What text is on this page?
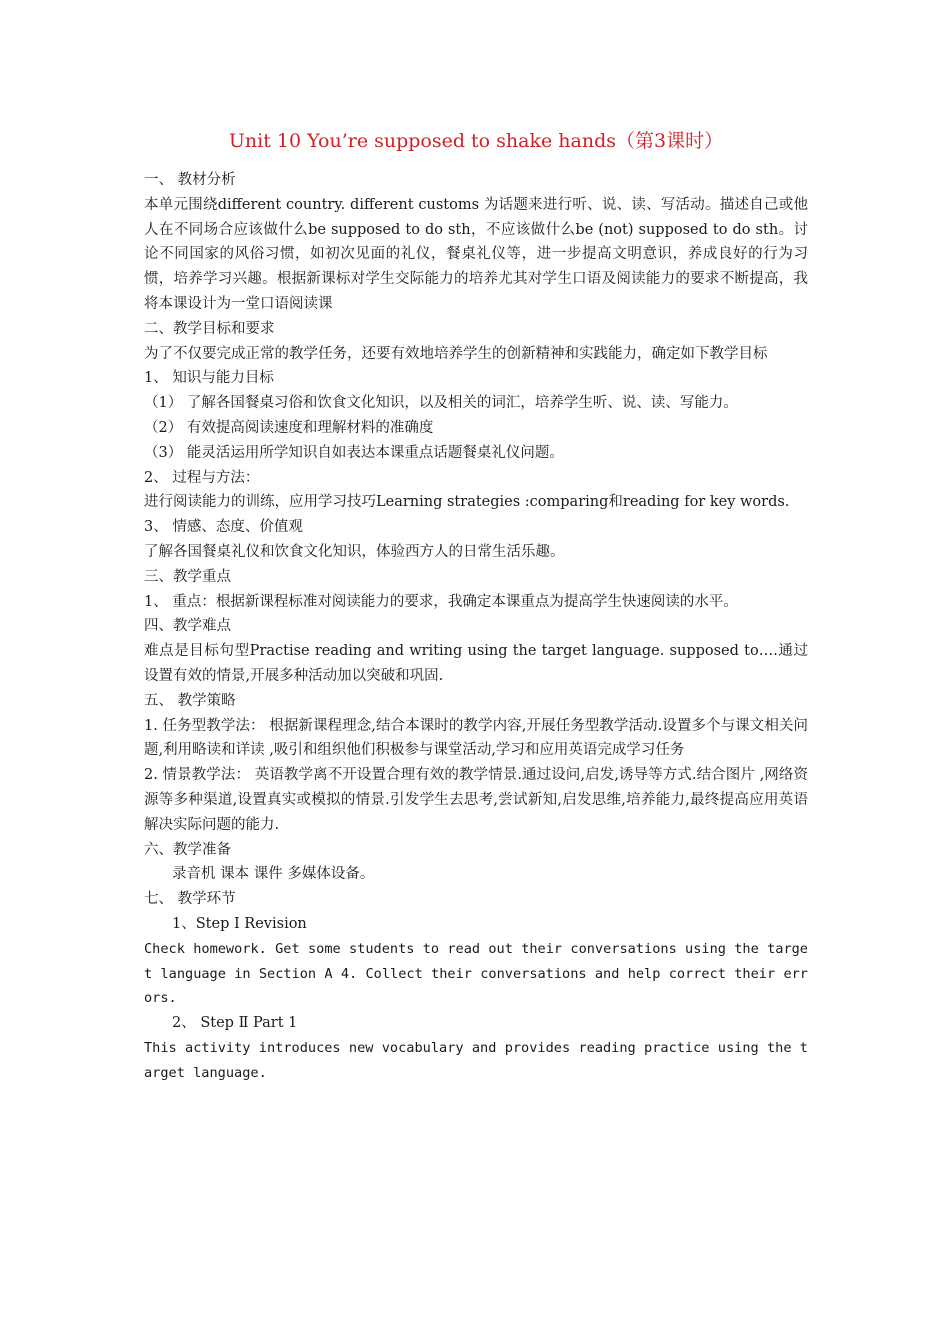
Unit 10 You’re supposed to shake hands（第3课时）

一、 教材分析

本单元围绕different country. different customs 为话题来进行听、说、读、写活动。描述自己或他人在不同场合应该做什么be supposed to do sth，不应该做什么be (not) supposed to do sth。讨论不同国家的风俗习惯，如初次见面的礼仪，餐桌礼仪等，进一步提高文明意识，养成良好的行为习惯，培养学习兴趣。根据新课标对学生交际能力的培养尤其对学生口语及阅读能力的要求不断提高，我将本课设计为一堂口语阅读课

二、教学目标和要求

为了不仅要完成正常的教学任务，还要有效地培养学生的创新精神和实践能力，确定如下教学目标

1、 知识与能力目标

（1） 了解各国餐桌习俗和饮食文化知识，以及相关的词汇，培养学生听、说、读、写能力。

（2） 有效提高阅读速度和理解材料的准确度

（3） 能灵活运用所学知识自如表达本课重点话题餐桌礼仪问题。

2、 过程与方法：

进行阅读能力的训练，应用学习技巧Learning strategies :comparing和reading for key words.

3、 情感、态度、价值观

了解各国餐桌礼仪和饮食文化知识，体验西方人的日常生活乐趣。

三、教学重点

1、 重点：根据新课程标准对阅读能力的要求，我确定本课重点为提高学生快速阅读的水平。

四、教学难点

难点是目标句型Practise reading and writing using the target language. supposed to….通过设置有效的情景,开展多种活动加以突破和巩固.

五、 教学策略

1. 任务型教学法： 根据新课程理念,结合本课时的教学内容,开展任务型教学活动.设置多个与课文相关问题,利用略读和详读 ,吸引和组织他们积极参与课堂活动,学习和应用英语完成学习任务

2. 情景教学法： 英语教学离不开设置合理有效的教学情景.通过设问,启发,诱导等方式.结合图片 ,网络资源等多种渠道,设置真实或模拟的情景.引发学生去思考,尝试新知,启发思维,培养能力,最终提高应用英语解决实际问题的能力.

六、教学准备

录音机 课本 课件 多媒体设备。

七、 教学环节

1、Step Ⅰ Revision

Check homework. Get some students to read out their conversations using the target language in Section A 4. Collect their conversations and help correct their errors.

2、 Step Ⅱ Part 1

This activity introduces new vocabulary and provides reading practice using the target language.
